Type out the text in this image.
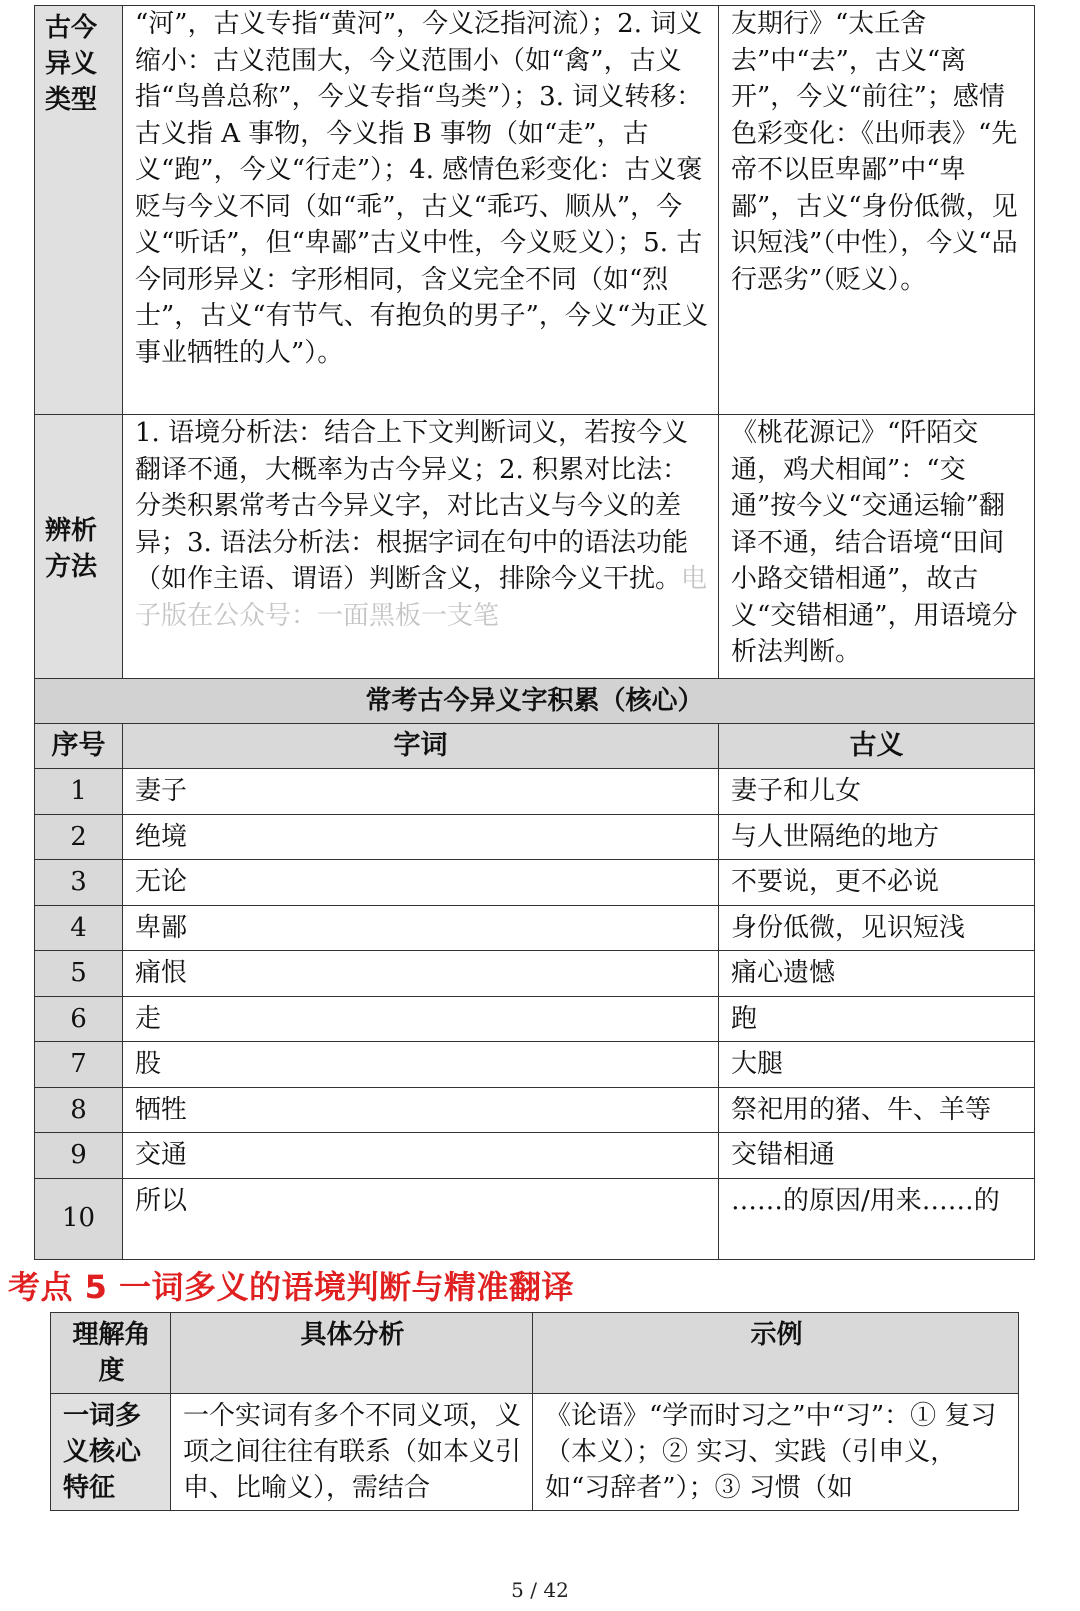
古今异义类型	“河”，古义专指“黄河”，今义泛指河流）；2. 词义缩小：古义范围大，今义范围小（如“禽”，古义指“鸟兽总称”，今义专指“鸟类”）；3. 词义转移：古义指 A 事物，今义指 B 事物（如“走”，古义“跑”，今义“行走”）；4. 感情色彩变化：古义褒贬与今义不同（如“乖”，古义“乖巧、顺从”，今义“听话”，但“卑鄙”古义中性，今义贬义）；5. 古今同形异义：字形相同，含义完全不同（如“烈士”，古义“有节气、有抱负的男子”，今义“为正义事业牺牲的人”）。	友期行》“太丘舍去”中“去”，古义“离开”，今义“前往”；感情色彩变化：《出师表》“先帝不以臣卑鄙”中“卑鄙”，古义“身份低微，见识短浅”（中性），今义“品行恶劣”（贬义）。
辨析方法	1. 语境分析法：结合上下文判断词义，若按今义翻译不通，大概率为古今异义；2. 积累对比法：分类积累常考古今异义字，对比古义与今义的差异；3. 语法分析法：根据字词在句中的语法功能（如作主语、谓语）判断含义，排除今义干扰。电子版在公众号：一面黑板一支笔	《桃花源记》“阡陌交通，鸡犬相闻”：“交通”按今义“交通运输”翻译不通，结合语境“田间小路交错相通”，故古义“交错相通”，用语境分析法判断。
常考古今异义字积累（核心）		
序号	字词	古义
1	妻子	妻子和儿女
2	绝境	与人世隔绝的地方
3	无论	不要说，更不必说
4	卑鄙	身份低微，见识短浅
5	痛恨	痛心遗憾
6	走	跑
7	股	大腿
8	牺牲	祭祀用的猪、牛、羊等
9	交通	交错相通
10	所以	……的原因/用来……的
考点 5 一词多义的语境判断与精准翻译
理解角度	具体分析	示例
一词多义核心特征	一个实词有多个不同义项，义项之间往往有联系（如本义引申、比喻义），需结合	《论语》“学而时习之”中“习”：① 复习（本义）；② 实习、实践（引申义，如“习辞者”）；③ 习惯（如
5 / 42
